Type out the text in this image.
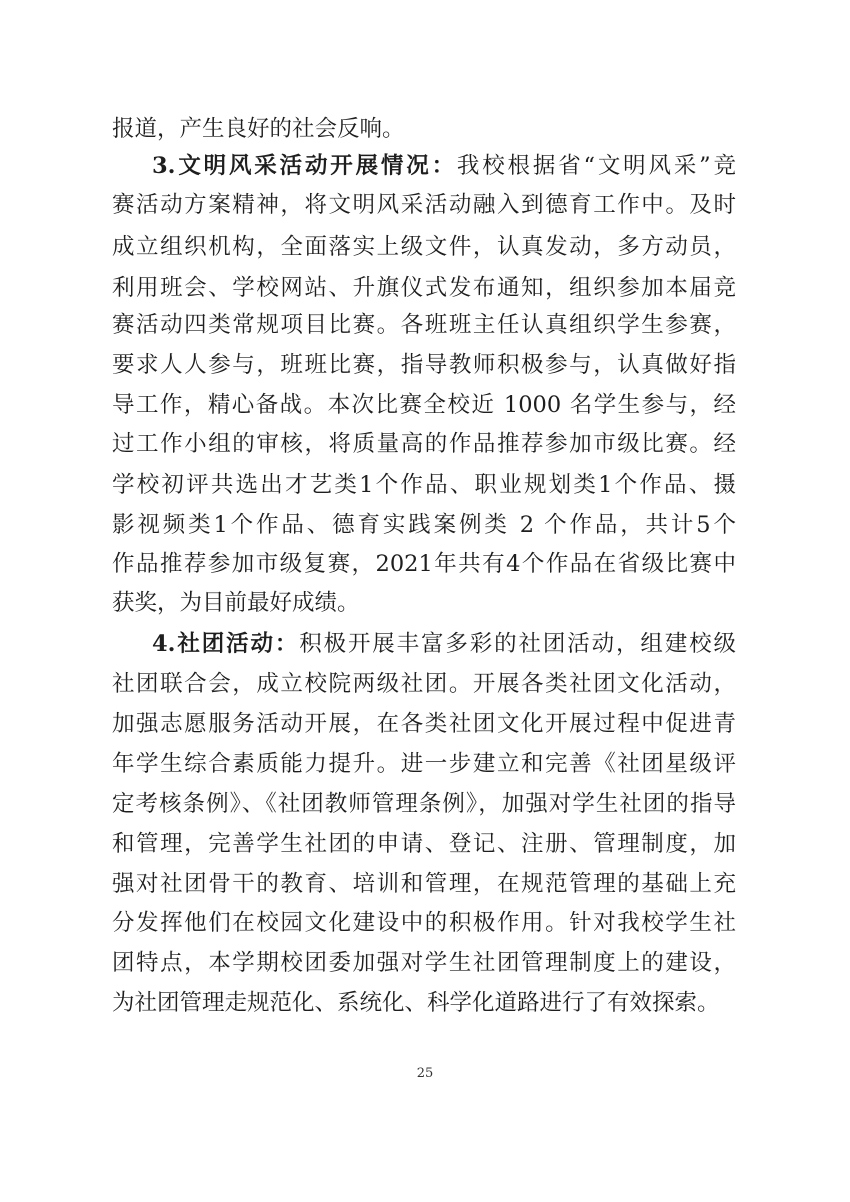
25
报道，产生良好的社会反响。
3.文明风采活动开展情况：我校根据省“文明风采”竞
赛活动方案精神，将文明风采活动融入到德育工作中。及时
成立组织机构，全面落实上级文件，认真发动，多方动员，
利用班会、学校网站、升旗仪式发布通知，组织参加本届竞
赛活动四类常规项目比赛。各班班主任认真组织学生参赛，
要求人人参与，班班比赛，指导教师积极参与，认真做好指
导工作，精心备战。本次比赛全校近 1000 名学生参与，经
过工作小组的审核，将质量高的作品推荐参加市级比赛。经
学校初评共选出才艺类1个作品、职业规划类1个作品、摄
影视频类1个作品、德育实践案例类 2 个作品，共计5个
作品推荐参加市级复赛，2021年共有4个作品在省级比赛中
获奖，为目前最好成绩。
4.社团活动：积极开展丰富多彩的社团活动，组建校级
社团联合会，成立校院两级社团。开展各类社团文化活动，
加强志愿服务活动开展，在各类社团文化开展过程中促进青
年学生综合素质能力提升。进一步建立和完善《社团星级评
定考核条例》、《社团教师管理条例》，加强对学生社团的指导
和管理，完善学生社团的申请、登记、注册、管理制度，加
强对社团骨干的教育、培训和管理，在规范管理的基础上充
分发挥他们在校园文化建设中的积极作用。针对我校学生社
团特点，本学期校团委加强对学生社团管理制度上的建设，
为社团管理走规范化、系统化、科学化道路进行了有效探索。
